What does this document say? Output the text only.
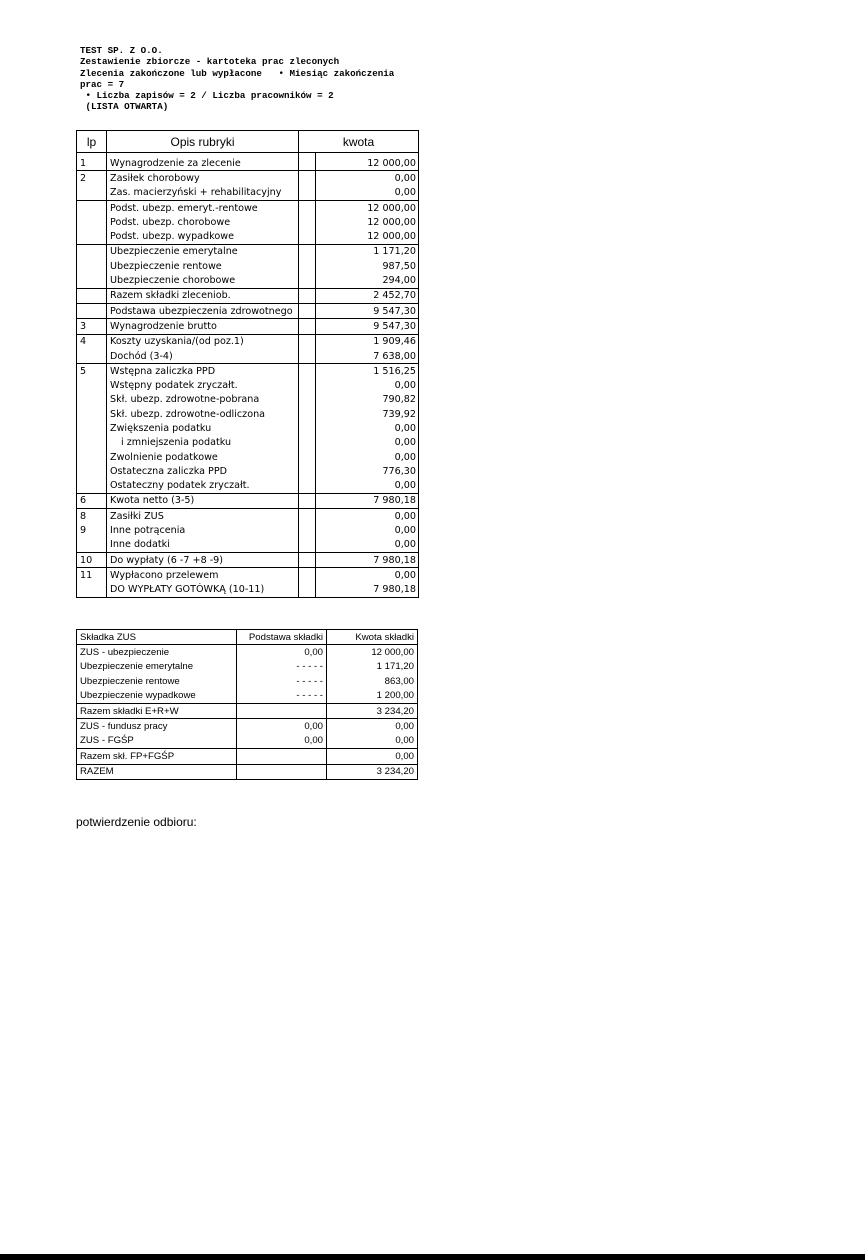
TEST SP. Z O.O.
Zestawienie zbiorcze - kartoteka prac zleconych
Zlecenia zakończone lub wypłacone   • Miesiąc zakończenia
prac = 7
• Liczba zapisów = 2 / Liczba pracowników = 2
(LISTA OTWARTA)
lp	Opis rubryki	kwota	

1	Wynagrodzenie za zlecenie		12 000,00
2	Zasiłek chorobowy		0,00
	Zas. macierzyński + rehabilitacyjny		0,00
	Podst. ubezp. emeryt.-rentowe		12 000,00
	Podst. ubezp. chorobowe		12 000,00
	Podst. ubezp. wypadkowe		12 000,00
	Ubezpieczenie emerytalne		1 171,20
	Ubezpieczenie rentowe		987,50
	Ubezpieczenie chorobowe		294,00
	Razem składki zleceniob.		2 452,70
	Podstawa ubezpieczenia zdrowotnego		9 547,30
3	Wynagrodzenie brutto		9 547,30
4	Koszty uzyskania/(od poz.1)		1 909,46
	Dochód (3-4)		7 638,00
5	Wstępna zaliczka PPD		1 516,25
	Wstępny podatek zryczałt.		0,00
	Skł. ubezp. zdrowotne-pobrana		790,82
	Skł. ubezp. zdrowotne-odliczona		739,92
	Zwiększenia podatku		0,00
	i zmniejszenia podatku		0,00
	Zwolnienie podatkowe		0,00
	Ostateczna zaliczka PPD		776,30
	Ostateczny podatek zryczałt.		0,00
6	Kwota netto (3-5)		7 980,18
8	Zasiłki ZUS		0,00
9	Inne potrącenia		0,00
	Inne dodatki		0,00
10	Do wypłaty (6 -7 +8 -9)		7 980,18
11	Wypłacono przelewem		0,00
	DO WYPŁATY GOTÓWKĄ (10-11)		7 980,18
Składka ZUS	Podstawa składki	Kwota składki
ZUS - ubezpieczenie	0,00	12 000,00
Ubezpieczenie emerytalne	- - - - -	1 171,20
Ubezpieczenie rentowe	- - - - -	863,00
Ubezpieczenie wypadkowe	- - - - -	1 200,00
Razem składki E+R+W		3 234,20
ZUS - fundusz pracy	0,00	0,00
ZUS - FGŚP	0,00	0,00
Razem skł. FP+FGŚP		0,00
RAZEM		3 234,20
potwierdzenie odbioru:
